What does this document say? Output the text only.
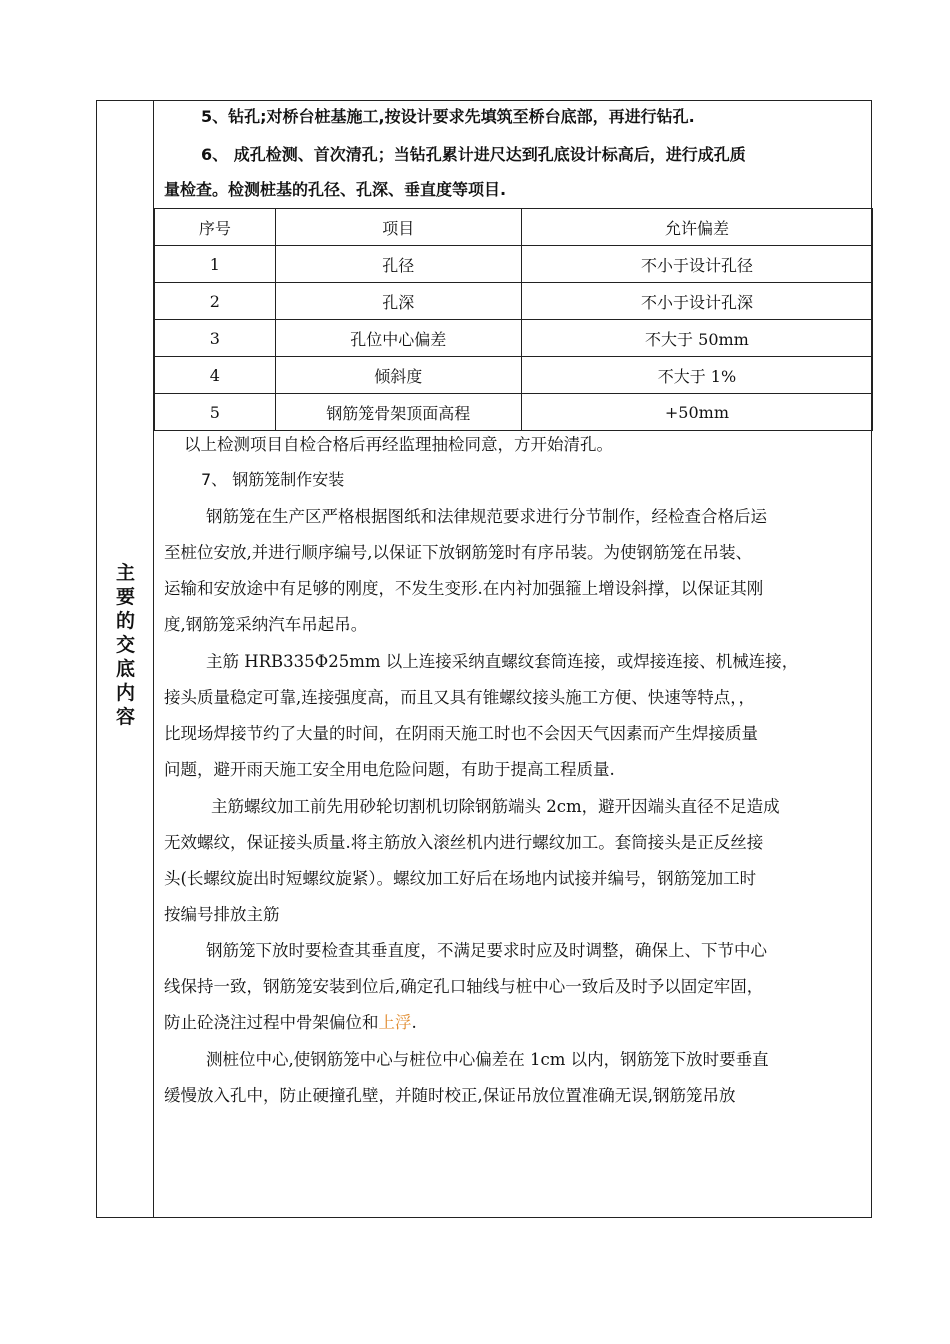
主
要
的
交
底
内
容
5、钻孔;对桥台桩基施工,按设计要求先填筑至桥台底部，再进行钻孔.
6、 成孔检测、首次清孔；当钻孔累计进尺达到孔底设计标高后，进行成孔质
量检查。检测桩基的孔径、孔深、垂直度等项目.
序号	项目	允许偏差
1	孔径	不小于设计孔径
2	孔深	不小于设计孔深
3	孔位中心偏差	不大于 50mm
4	倾斜度	不大于 1%
5	钢筋笼骨架顶面高程	+50mm
以上检测项目自检合格后再经监理抽检同意，方开始清孔。
7、 钢筋笼制作安装
钢筋笼在生产区严格根据图纸和法律规范要求进行分节制作，经检查合格后运
至桩位安放,并进行顺序编号,以保证下放钢筋笼时有序吊装。为使钢筋笼在吊装、
运输和安放途中有足够的刚度，不发生变形.在内衬加强箍上增设斜撑，以保证其刚
度,钢筋笼采纳汽车吊起吊。
主筋 HRB335Φ25mm 以上连接采纳直螺纹套筒连接，或焊接连接、机械连接，
接头质量稳定可靠,连接强度高，而且又具有锥螺纹接头施工方便、快速等特点，，
比现场焊接节约了大量的时间，在阴雨天施工时也不会因天气因素而产生焊接质量
问题，避开雨天施工安全用电危险问题，有助于提高工程质量.
主筋螺纹加工前先用砂轮切割机切除钢筋端头 2cm，避开因端头直径不足造成
无效螺纹，保证接头质量.将主筋放入滚丝机内进行螺纹加工。套筒接头是正反丝接
头(长螺纹旋出时短螺纹旋紧）。螺纹加工好后在场地内试接并编号，钢筋笼加工时
按编号排放主筋
钢筋笼下放时要检查其垂直度，不满足要求时应及时调整，确保上、下节中心
线保持一致，钢筋笼安装到位后,确定孔口轴线与桩中心一致后及时予以固定牢固，
防止砼浇注过程中骨架偏位和上浮.
测桩位中心,使钢筋笼中心与桩位中心偏差在 1cm 以内，钢筋笼下放时要垂直
缓慢放入孔中，防止硬撞孔壁，并随时校正,保证吊放位置准确无误,钢筋笼吊放
